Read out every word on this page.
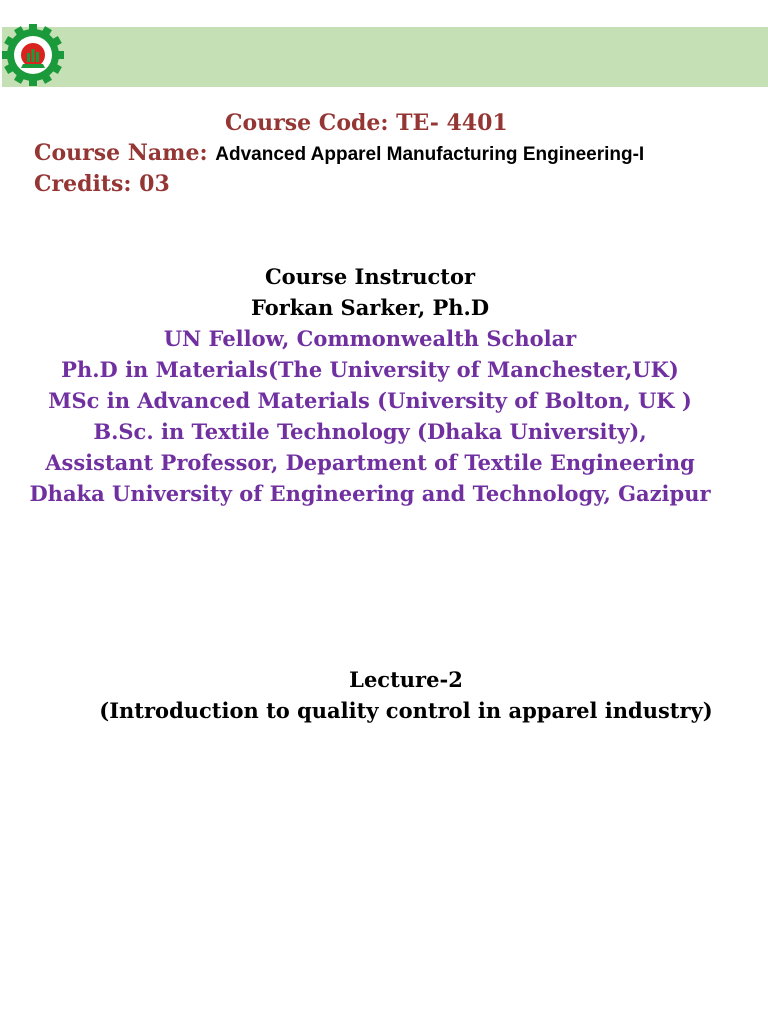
Course Code: TE- 4401
Course Name: Advanced Apparel Manufacturing Engineering-I
Credits: 03
Course Instructor
Forkan Sarker, Ph.D
UN Fellow, Commonwealth Scholar
Ph.D in Materials(The University of Manchester,UK)
MSc in Advanced Materials (University of Bolton, UK )
B.Sc. in Textile Technology (Dhaka University),
Assistant Professor, Department of Textile Engineering
Dhaka University of Engineering and Technology, Gazipur
Lecture-2
(Introduction to quality control in apparel industry)
